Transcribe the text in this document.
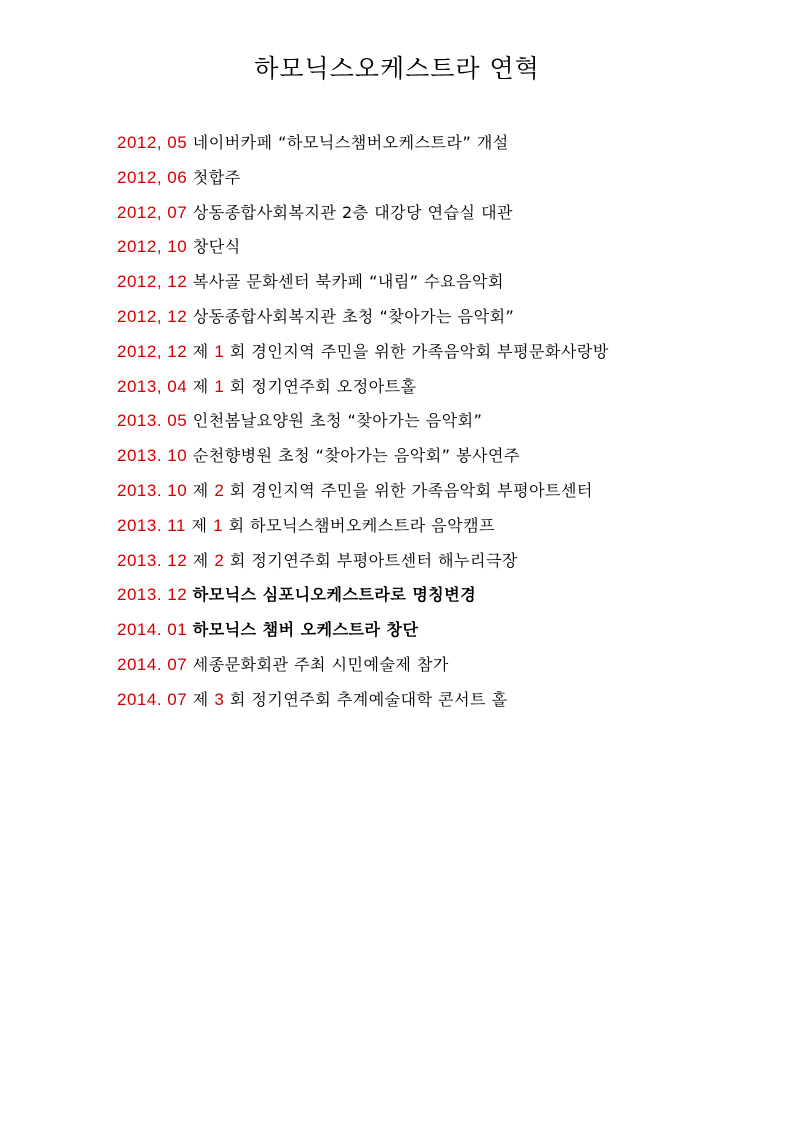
하모닉스오케스트라 연혁
2012, 05 네이버카페 “하모닉스챔버오케스트라” 개설
2012, 06 첫합주
2012, 07 상동종합사회복지관 2층 대강당 연습실 대관
2012, 10 창단식
2012, 12 복사골 문화센터 북카페 “내림” 수요음악회
2012, 12 상동종합사회복지관 초청 “찾아가는 음악회”
2012, 12 제 1 회 경인지역 주민을 위한 가족음악회 부평문화사랑방
2013, 04 제 1 회 정기연주회 오정아트홀
2013. 05 인천봄날요양원 초청 “찾아가는 음악회”
2013. 10 순천향병원 초청 “찾아가는 음악회” 봉사연주
2013. 10 제 2 회 경인지역 주민을 위한 가족음악회 부평아트센터
2013. 11 제 1 회 하모닉스챔버오케스트라 음악캠프
2013. 12 제 2 회 정기연주회 부평아트센터 해누리극장
2013. 12 하모닉스 심포니오케스트라로 명칭변경
2014. 01 하모닉스 챔버 오케스트라 창단
2014. 07 세종문화회관 주최 시민예술제 참가
2014. 07 제 3 회 정기연주회 추계예술대학 콘서트 홀
